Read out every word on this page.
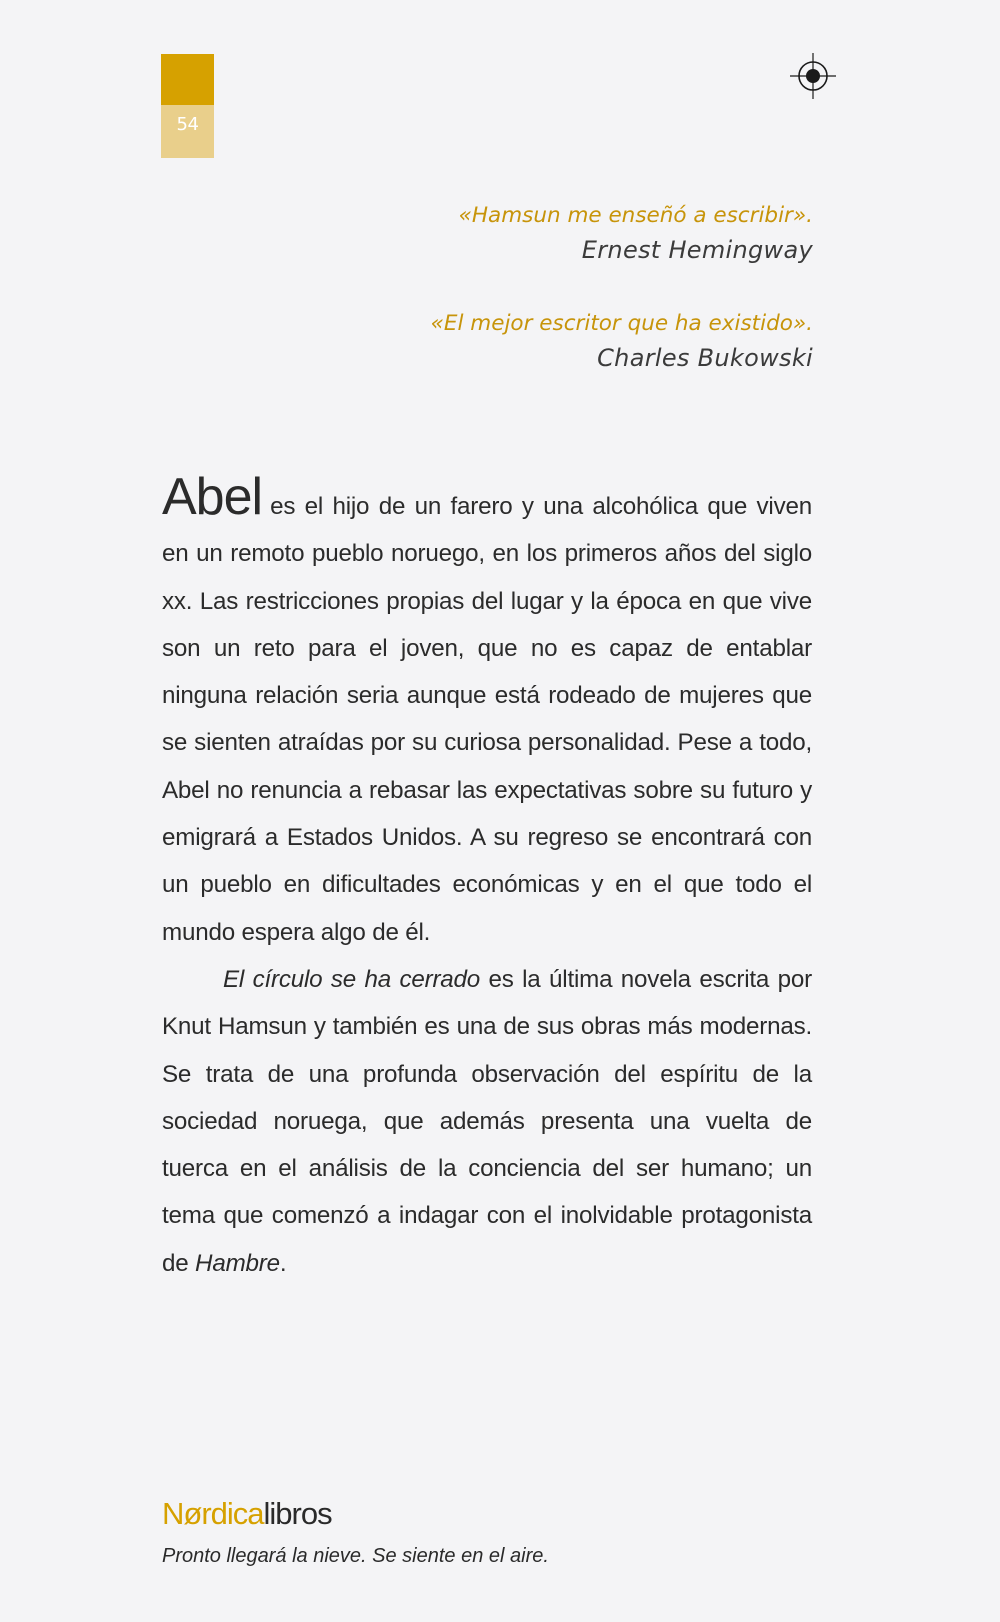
54
«Hamsun me enseñó a escribir».
Ernest Hemingway
«El mejor escritor que ha existido».
Charles Bukowski

Abel es el hijo de un farero y una alcohólica que viven en un remoto pueblo noruego, en los primeros años del siglo xx. Las restricciones propias del lugar y la época en que vive son un reto para el joven, que no es capaz de entablar ninguna relación seria aunque está rodeado de mujeres que se sienten atraídas por su curiosa personalidad. Pese a todo, Abel no renuncia a rebasar las expectativas sobre su futuro y emigrará a Estados Unidos. A su regreso se encontrará con un pueblo en dificultades económicas y en el que todo el mundo espera algo de él.

El círculo se ha cerrado es la última novela escrita por Knut Hamsun y también es una de sus obras más modernas. Se trata de una profunda observación del espíritu de la sociedad noruega, que además presenta una vuelta de tuerca en el análisis de la conciencia del ser humano; un tema que comenzó a indagar con el inolvidable protagonista de Hambre.

Nørdicalibros
Pronto llegará la nieve. Se siente en el aire.
